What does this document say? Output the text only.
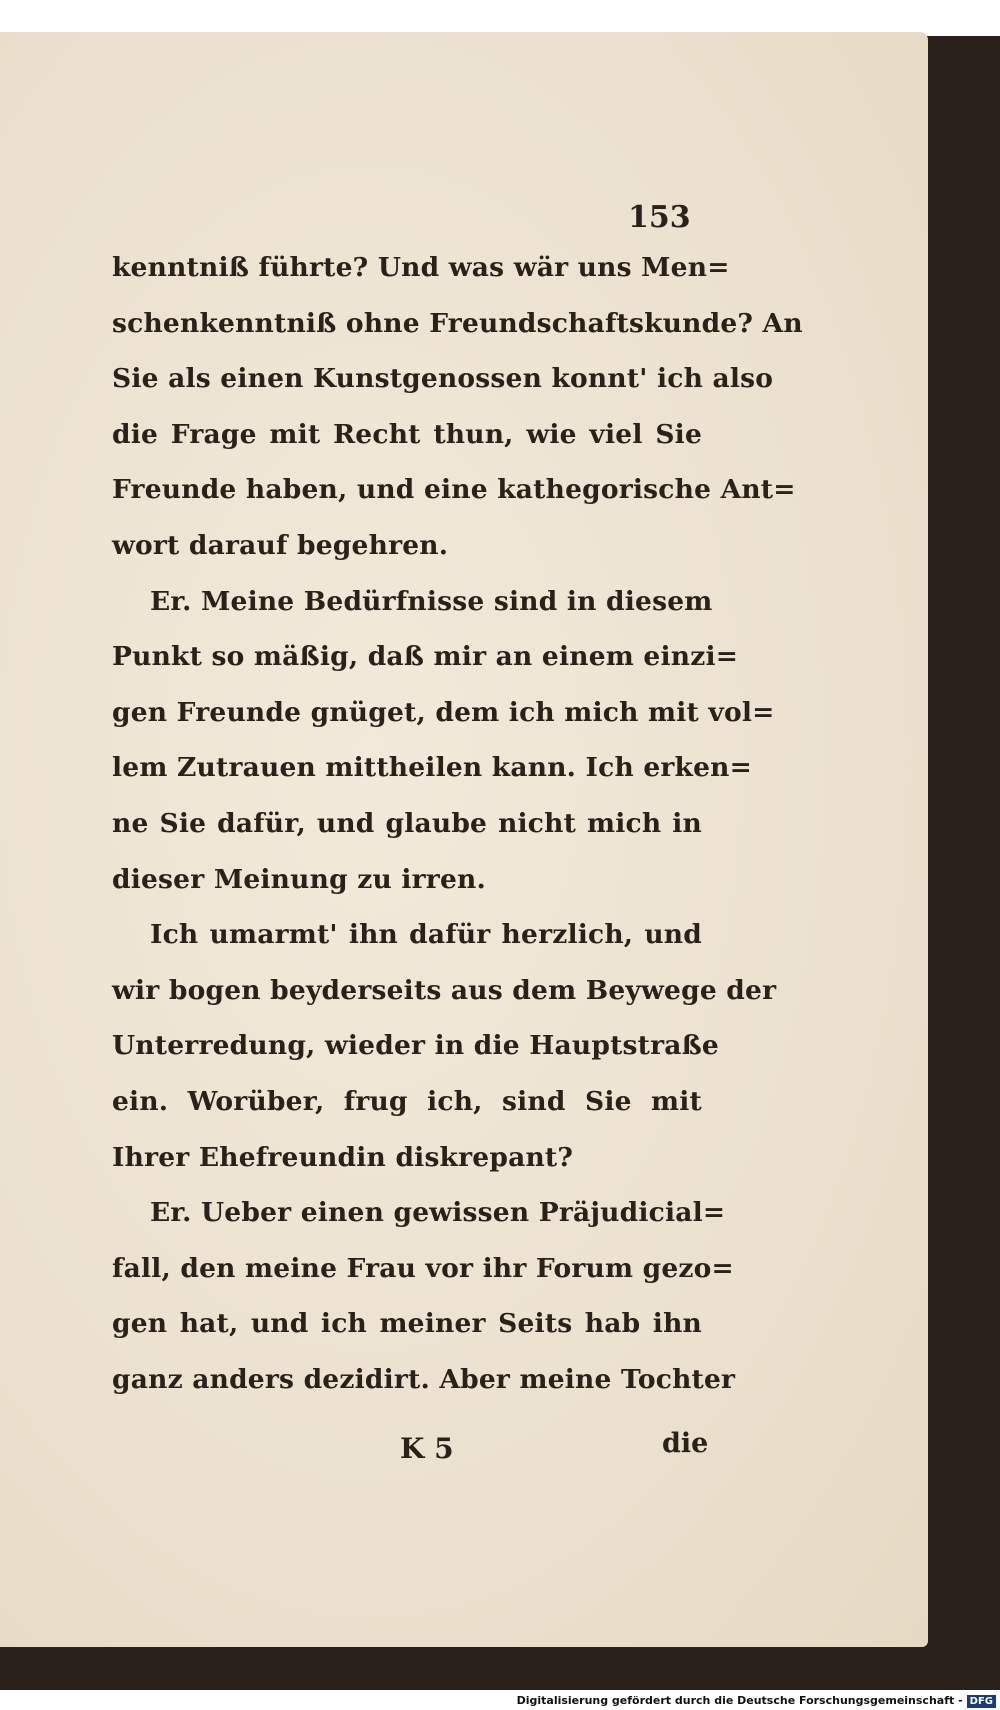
153
kenntniß führte? Und was wär uns Men=
schenkenntniß ohne Freundschaftskunde? An
Sie als einen Kunstgenossen konnt' ich also
die Frage mit Recht thun, wie viel Sie
Freunde haben, und eine kathegorische Ant=
wort darauf begehren.
Er. Meine Bedürfnisse sind in diesem
Punkt so mäßig, daß mir an einem einzi=
gen Freunde gnüget, dem ich mich mit vol=
lem Zutrauen mittheilen kann. Ich erken=
ne Sie dafür, und glaube nicht mich in
dieser Meinung zu irren.
Ich umarmt' ihn dafür herzlich, und
wir bogen beyderseits aus dem Beywege der
Unterredung, wieder in die Hauptstraße
ein. Worüber, frug ich, sind Sie mit
Ihrer Ehefreundin diskrepant?
Er. Ueber einen gewissen Präjudicial=
fall, den meine Frau vor ihr Forum gezo=
gen hat, und ich meiner Seits hab ihn
ganz anders dezidirt. Aber meine Tochter
K 5	die
Digitalisierung gefördert durch die Deutsche Forschungsgemeinschaft - DFG
